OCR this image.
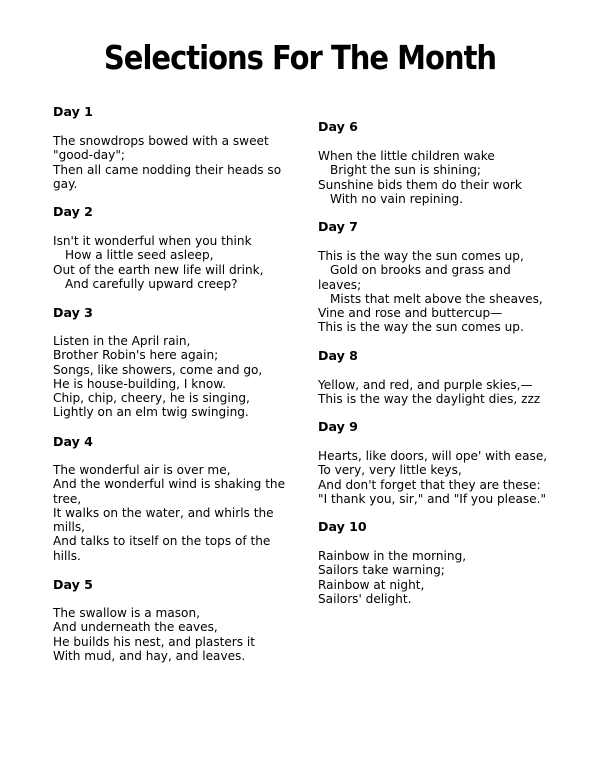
Selections For The Month
Day 1
The snowdrops bowed with a sweet
"good-day";
Then all came nodding their heads so
gay.
Day 2
Isn't it wonderful when you think
How a little seed asleep,
Out of the earth new life will drink,
And carefully upward creep?
Day 3
Listen in the April rain,
Brother Robin's here again;
Songs, like showers, come and go,
He is house-building, I know.
Chip, chip, cheery, he is singing,
Lightly on an elm twig swinging.
Day 4
The wonderful air is over me,
And the wonderful wind is shaking the
tree,
It walks on the water, and whirls the
mills,
And talks to itself on the tops of the
hills.
Day 5
The swallow is a mason,
And underneath the eaves,
He builds his nest, and plasters it
With mud, and hay, and leaves.
Day 6
When the little children wake
Bright the sun is shining;
Sunshine bids them do their work
With no vain repining.
Day 7
This is the way the sun comes up,
Gold on brooks and grass and
leaves;
Mists that melt above the sheaves,
Vine and rose and buttercup—
This is the way the sun comes up.
Day 8
Yellow, and red, and purple skies,—
This is the way the daylight dies, zzz
Day 9
Hearts, like doors, will ope' with ease,
To very, very little keys,
And don't forget that they are these:
"I thank you, sir," and "If you please."
Day 10
Rainbow in the morning,
Sailors take warning;
Rainbow at night,
Sailors' delight.
